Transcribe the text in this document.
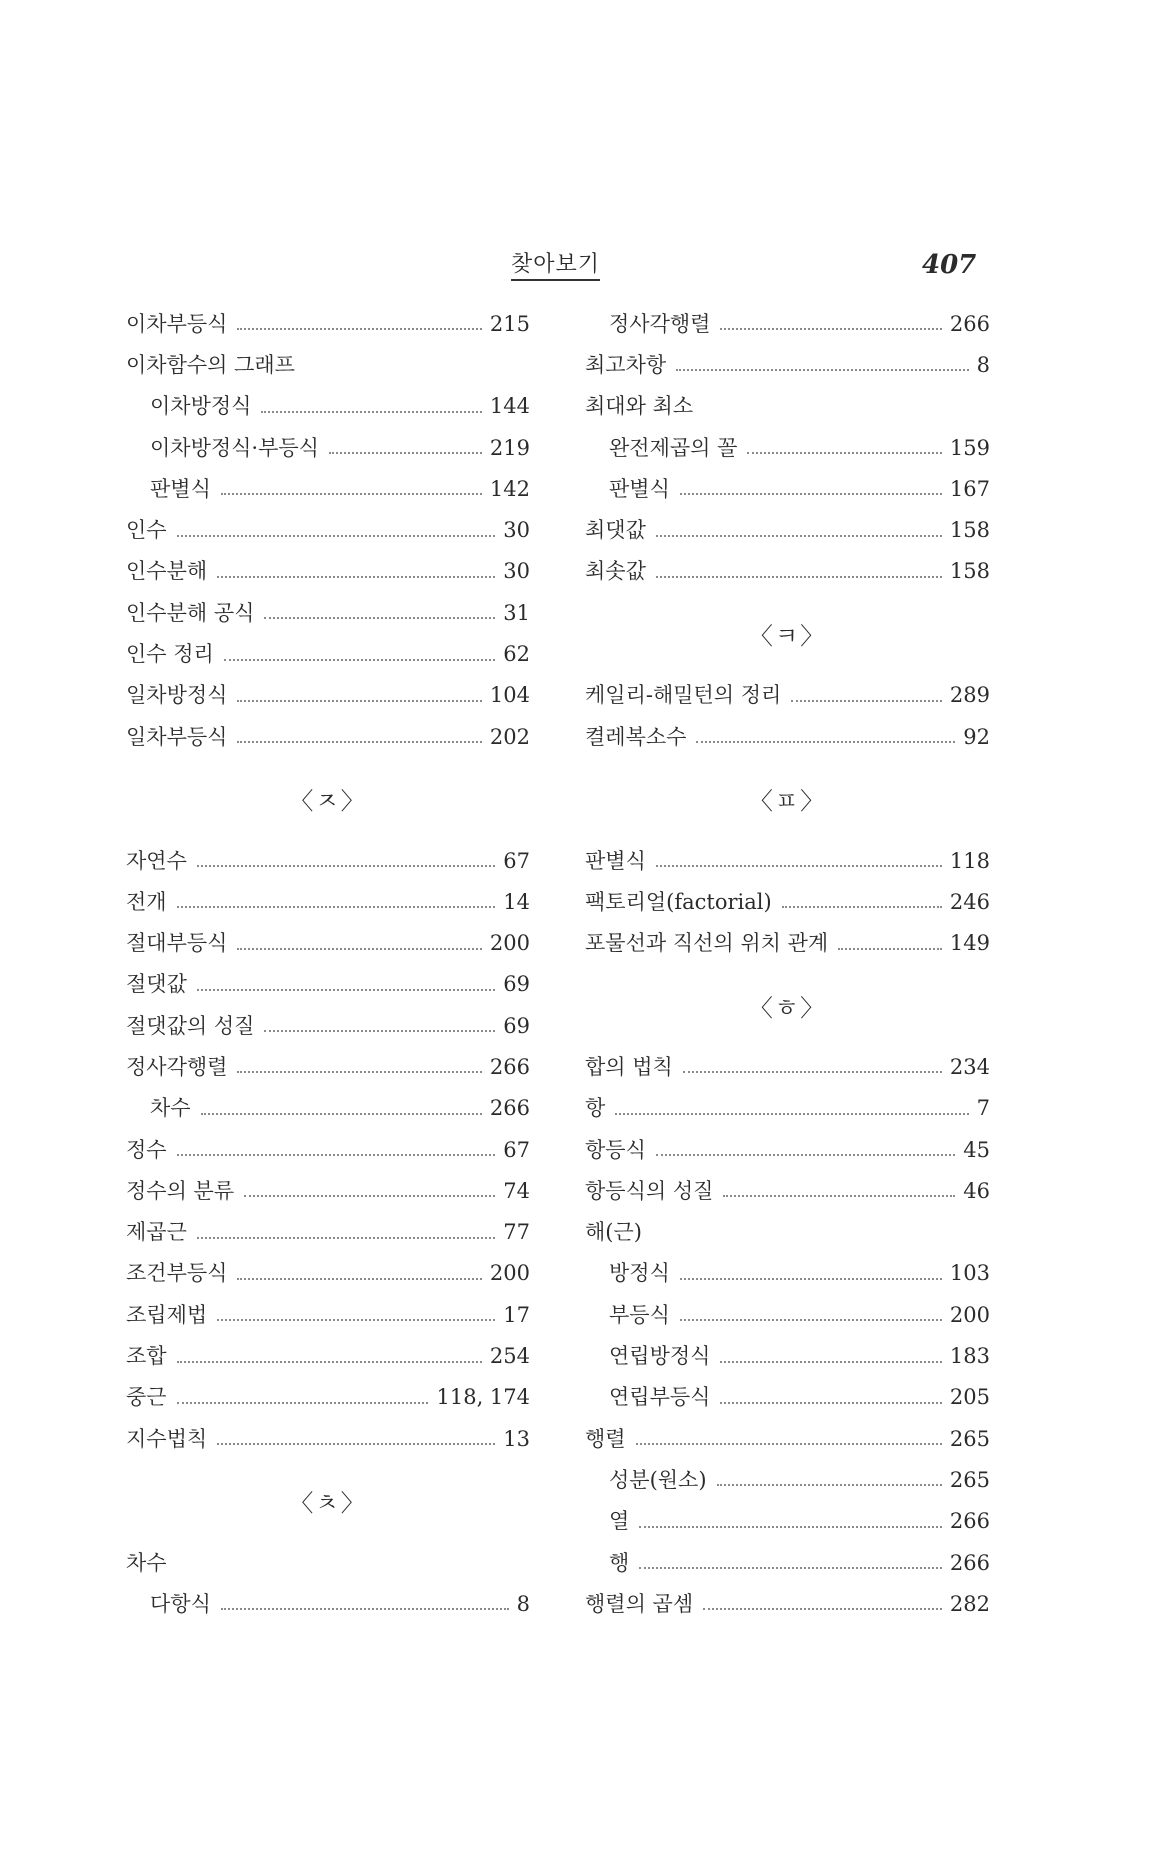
찾아보기	407
이차부등식	215
이차함수의 그래프
이차방정식	144
이차방정식·부등식	219
판별식	142
인수	30
인수분해	30
인수분해 공식	31
인수 정리	62
일차방정식	104
일차부등식	202
〈ㅈ〉
자연수	67
전개	14
절대부등식	200
절댓값	69
절댓값의 성질	69
정사각행렬	266
차수	266
정수	67
정수의 분류	74
제곱근	77
조건부등식	200
조립제법	17
조합	254
중근	118, 174
지수법칙	13
〈ㅊ〉
차수
다항식	8
정사각행렬	266
최고차항	8
최대와 최소
완전제곱의 꼴	159
판별식	167
최댓값	158
최솟값	158
〈ㅋ〉
케일리-해밀턴의 정리	289
켤레복소수	92
〈ㅍ〉
판별식	118
팩토리얼(factorial)	246
포물선과 직선의 위치 관계	149
〈ㅎ〉
합의 법칙	234
항	7
항등식	45
항등식의 성질	46
해(근)
방정식	103
부등식	200
연립방정식	183
연립부등식	205
행렬	265
성분(원소)	265
열	266
행	266
행렬의 곱셈	282
